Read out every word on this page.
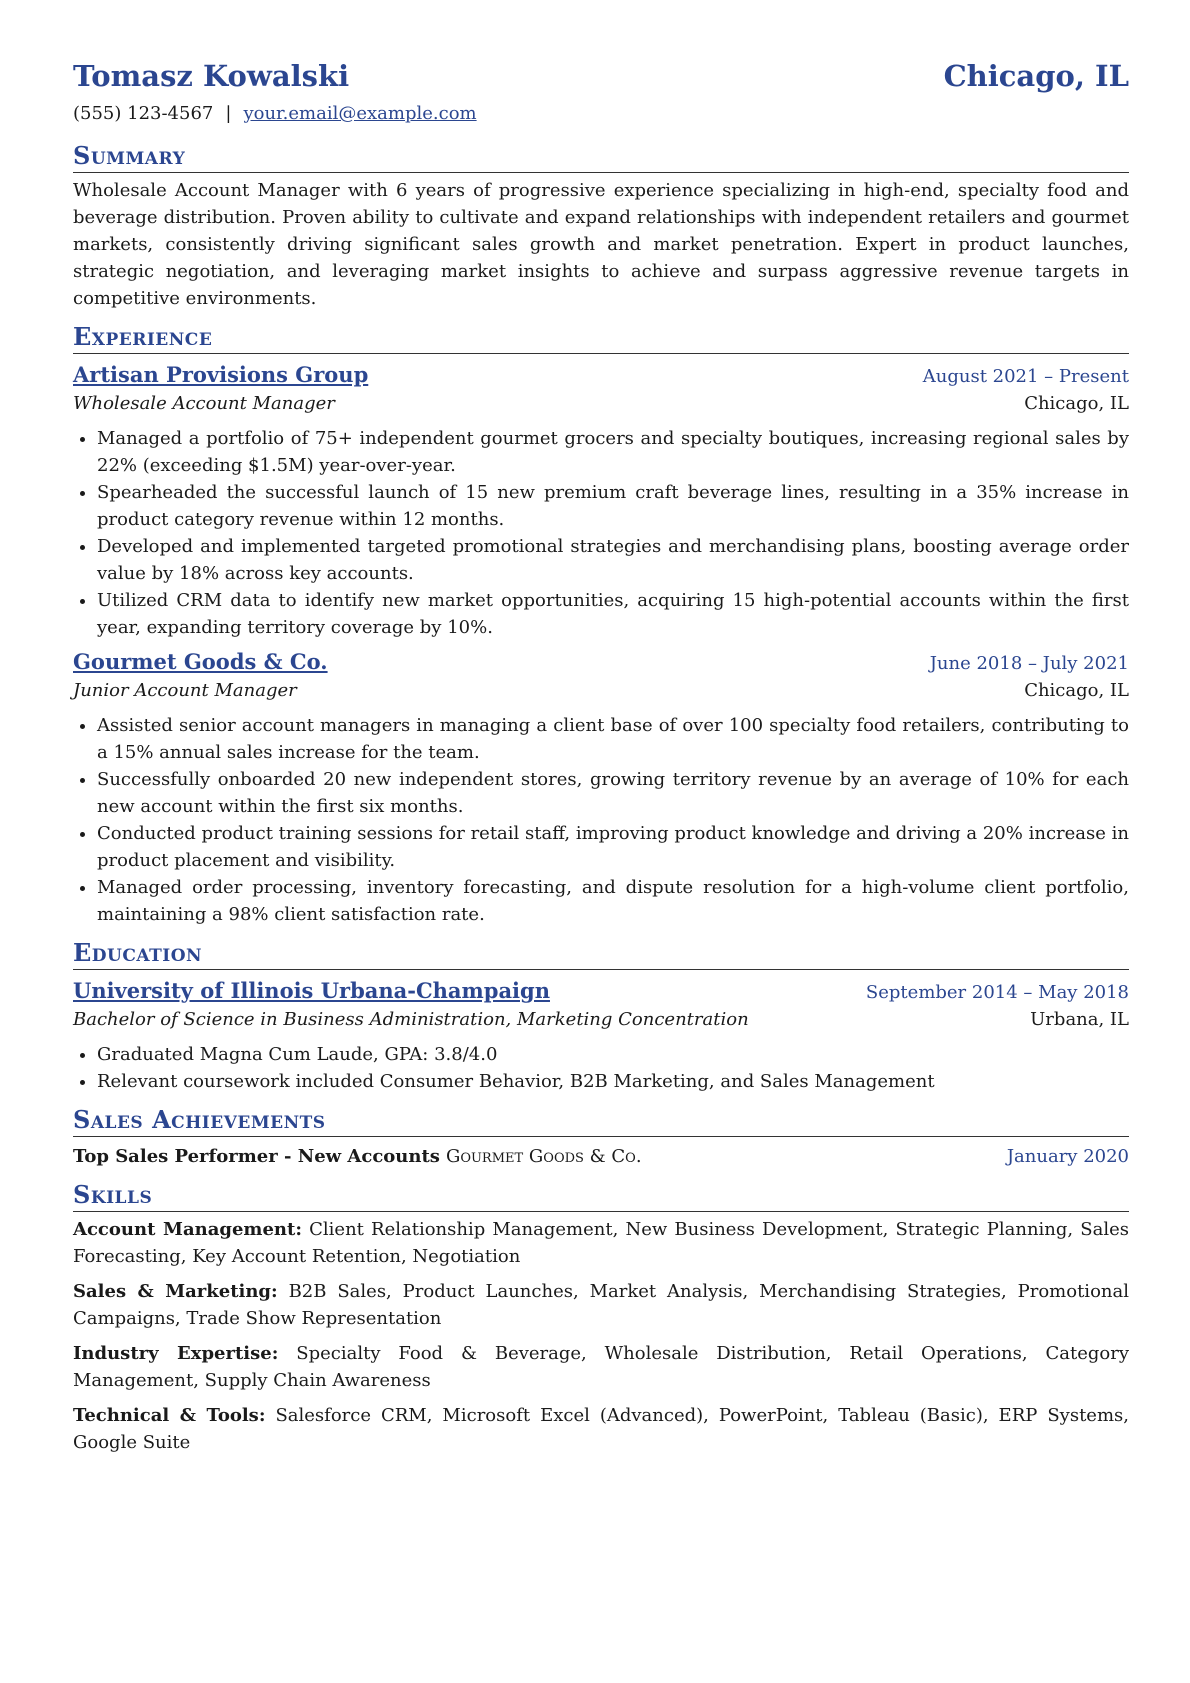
Tomasz Kowalski	Chicago, IL
(555) 123-4567 | your.email@example.com
Summary
Wholesale Account Manager with 6 years of progressive experience specializing in high-end, specialty food and beverage distribution. Proven ability to cultivate and expand relationships with independent retailers and gourmet markets, consistently driving significant sales growth and market penetration. Expert in product launches, strategic negotiation, and leveraging market insights to achieve and surpass aggressive revenue targets in competitive environments.
Experience
Artisan Provisions Group	August 2021 – Present
Wholesale Account Manager	Chicago, IL
• Managed a portfolio of 75+ independent gourmet grocers and specialty boutiques, increasing regional sales by 22% (exceeding $1.5M) year-over-year.
• Spearheaded the successful launch of 15 new premium craft beverage lines, resulting in a 35% increase in product category revenue within 12 months.
• Developed and implemented targeted promotional strategies and merchandising plans, boosting average order value by 18% across key accounts.
• Utilized CRM data to identify new market opportunities, acquiring 15 high-potential accounts within the first year, expanding territory coverage by 10%.
Gourmet Goods & Co.	June 2018 – July 2021
Junior Account Manager	Chicago, IL
• Assisted senior account managers in managing a client base of over 100 specialty food retailers, contributing to a 15% annual sales increase for the team.
• Successfully onboarded 20 new independent stores, growing territory revenue by an average of 10% for each new account within the first six months.
• Conducted product training sessions for retail staff, improving product knowledge and driving a 20% increase in product placement and visibility.
• Managed order processing, inventory forecasting, and dispute resolution for a high-volume client portfolio, maintaining a 98% client satisfaction rate.
Education
University of Illinois Urbana-Champaign	September 2014 – May 2018
Bachelor of Science in Business Administration, Marketing Concentration	Urbana, IL
• Graduated Magna Cum Laude, GPA: 3.8/4.0
• Relevant coursework included Consumer Behavior, B2B Marketing, and Sales Management
Sales Achievements
Top Sales Performer - New Accounts Gourmet Goods & Co.	January 2020
Skills
Account Management: Client Relationship Management, New Business Development, Strategic Planning, Sales Forecasting, Key Account Retention, Negotiation
Sales & Marketing: B2B Sales, Product Launches, Market Analysis, Merchandising Strategies, Promotional Campaigns, Trade Show Representation
Industry Expertise: Specialty Food & Beverage, Wholesale Distribution, Retail Operations, Category Management, Supply Chain Awareness
Technical & Tools: Salesforce CRM, Microsoft Excel (Advanced), PowerPoint, Tableau (Basic), ERP Systems, Google Suite
